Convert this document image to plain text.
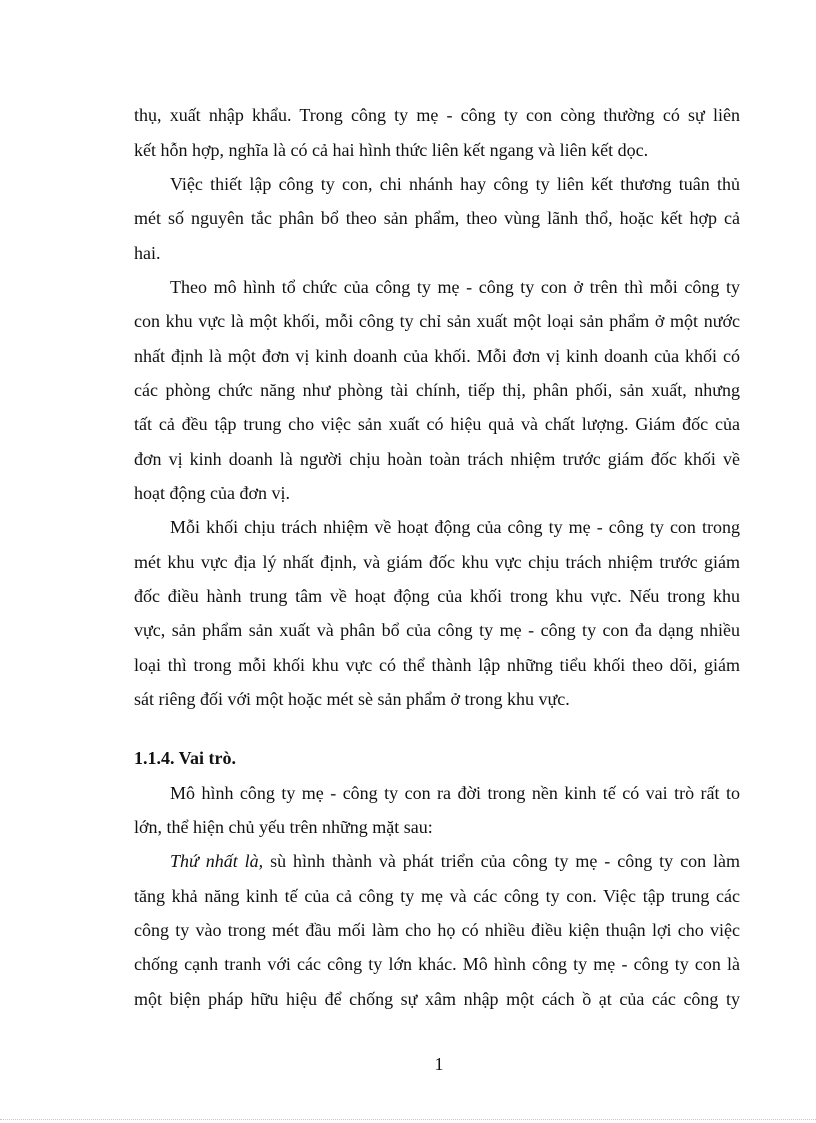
thụ, xuất nhập khẩu. Trong công ty mẹ - công ty con còng thường có sự liên
kết hỗn hợp, nghĩa là có cả hai hình thức liên kết ngang và liên kết dọc.
Việc thiết lập công ty con, chi nhánh hay công ty liên kết thương tuân thủ
mét số nguyên tắc phân bổ theo sản phẩm, theo vùng lãnh thổ, hoặc kết hợp cả
hai.
Theo mô hình tổ chức của công ty mẹ - công ty con ở trên thì mỗi công ty
con khu vực là một khối, mỗi công ty chỉ sản xuất một loại sản phẩm ở một nước
nhất định là một đơn vị kinh doanh của khối. Mỗi đơn vị kinh doanh của khối có
các phòng chức năng như phòng tài chính, tiếp thị, phân phối, sản xuất, nhưng
tất cả đều tập trung cho việc sản xuất có hiệu quả và chất lượng. Giám đốc của
đơn vị kinh doanh là người chịu hoàn toàn trách nhiệm trước giám đốc khối về
hoạt động của đơn vị.
Mỗi khối chịu trách nhiệm về hoạt động của công ty mẹ - công ty con trong
mét khu vực địa lý nhất định, và giám đốc khu vực chịu trách nhiệm trước giám
đốc điều hành trung tâm về hoạt động của khối trong khu vực. Nếu trong khu
vực, sản phẩm sản xuất và phân bổ của công ty mẹ - công ty con đa dạng nhiều
loại thì trong mỗi khối khu vực có thể thành lập những tiểu khối theo dõi, giám
sát riêng đối với một hoặc mét sè sản phẩm ở trong khu vực.
1.1.4. Vai trò.
Mô hình công ty mẹ - công ty con ra đời trong nền kinh tế có vai trò rất to
lớn, thể hiện chủ yếu trên những mặt sau:
Thứ nhất là, sù hình thành và phát triển của công ty mẹ - công ty con làm
tăng khả năng kinh tế của cả công ty mẹ và các công ty con. Việc tập trung các
công ty vào trong mét đầu mối làm cho họ có nhiều điều kiện thuận lợi cho việc
chống cạnh tranh với các công ty lớn khác. Mô hình công ty mẹ - công ty con là
một biện pháp hữu hiệu để chống sự xâm nhập một cách ồ ạt của các công ty
1
